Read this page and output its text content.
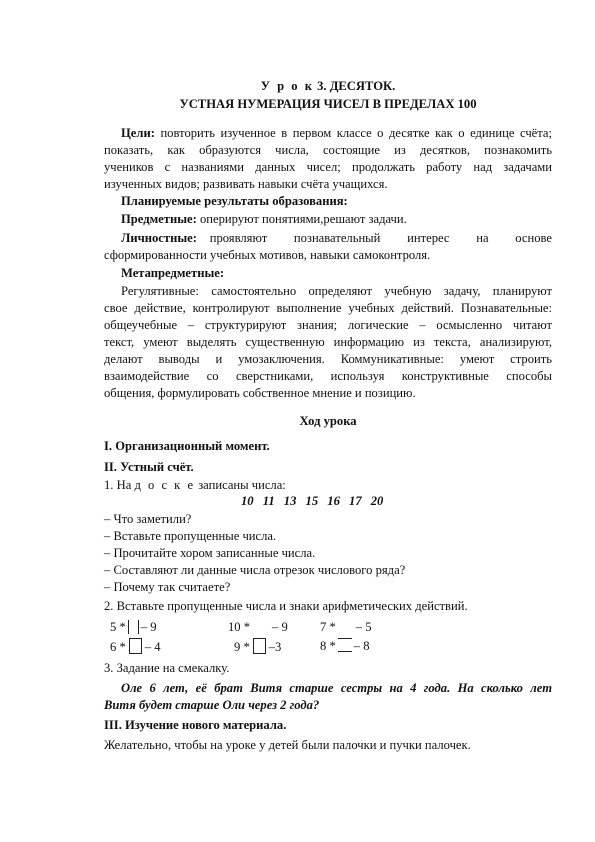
У р о к 3. ДЕСЯТОК.
УСТНАЯ НУМЕРАЦИЯ ЧИСЕЛ В ПРЕДЕЛАХ 100
Цели: повторить изученное в первом классе о десятке как о единице счёта;
показать, как образуются числа, состоящие из десятков, познакомить
учеников с названиями данных чисел; продолжать работу над задачами
изученных видов; развивать навыки счёта учащихся.
Планируемые результаты образования:
Предметные: оперируют понятиями,решают задачи.
Личностные: проявляют познавательный интерес на основе
сформированности учебных мотивов, навыки самоконтроля.
Метапредметные:
Регулятивные: самостоятельно определяют учебную задачу, планируют
свое действие, контролируют выполнение учебных действий. Познавательные:
общеучебные – структурируют знания; логические – осмысленно читают
текст, умеют выделять существенную информацию из текста, анализируют,
делают выводы и умозаключения. Коммуникативные: умеют строить
взаимодействие со сверстниками, используя конструктивные способы
общения, формулировать собственное мнение и позицию.
Ход урока
I. Организационный момент.
II. Устный счёт.
1. На д о с к е записаны числа:
10 11 13 15 16 17 20
– Что заметили?
– Вставьте пропущенные числа.
– Прочитайте хором записанные числа.
– Составляют ли данные числа отрезок числового ряда?
– Почему так считаете?
2. Вставьте пропущенные числа и знаки арифметических действий.
5 * – 9	10 * – 9	7 * – 5
6 * – 4	9 * –3	8 * – 8
3. Задание на смекалку.
Оле 6 лет, её брат Витя старше сестры на 4 года. На сколько лет
Витя будет старше Оли через 2 года?
III. Изучение нового материала.
Желательно, чтобы на уроке у детей были палочки и пучки палочек.
